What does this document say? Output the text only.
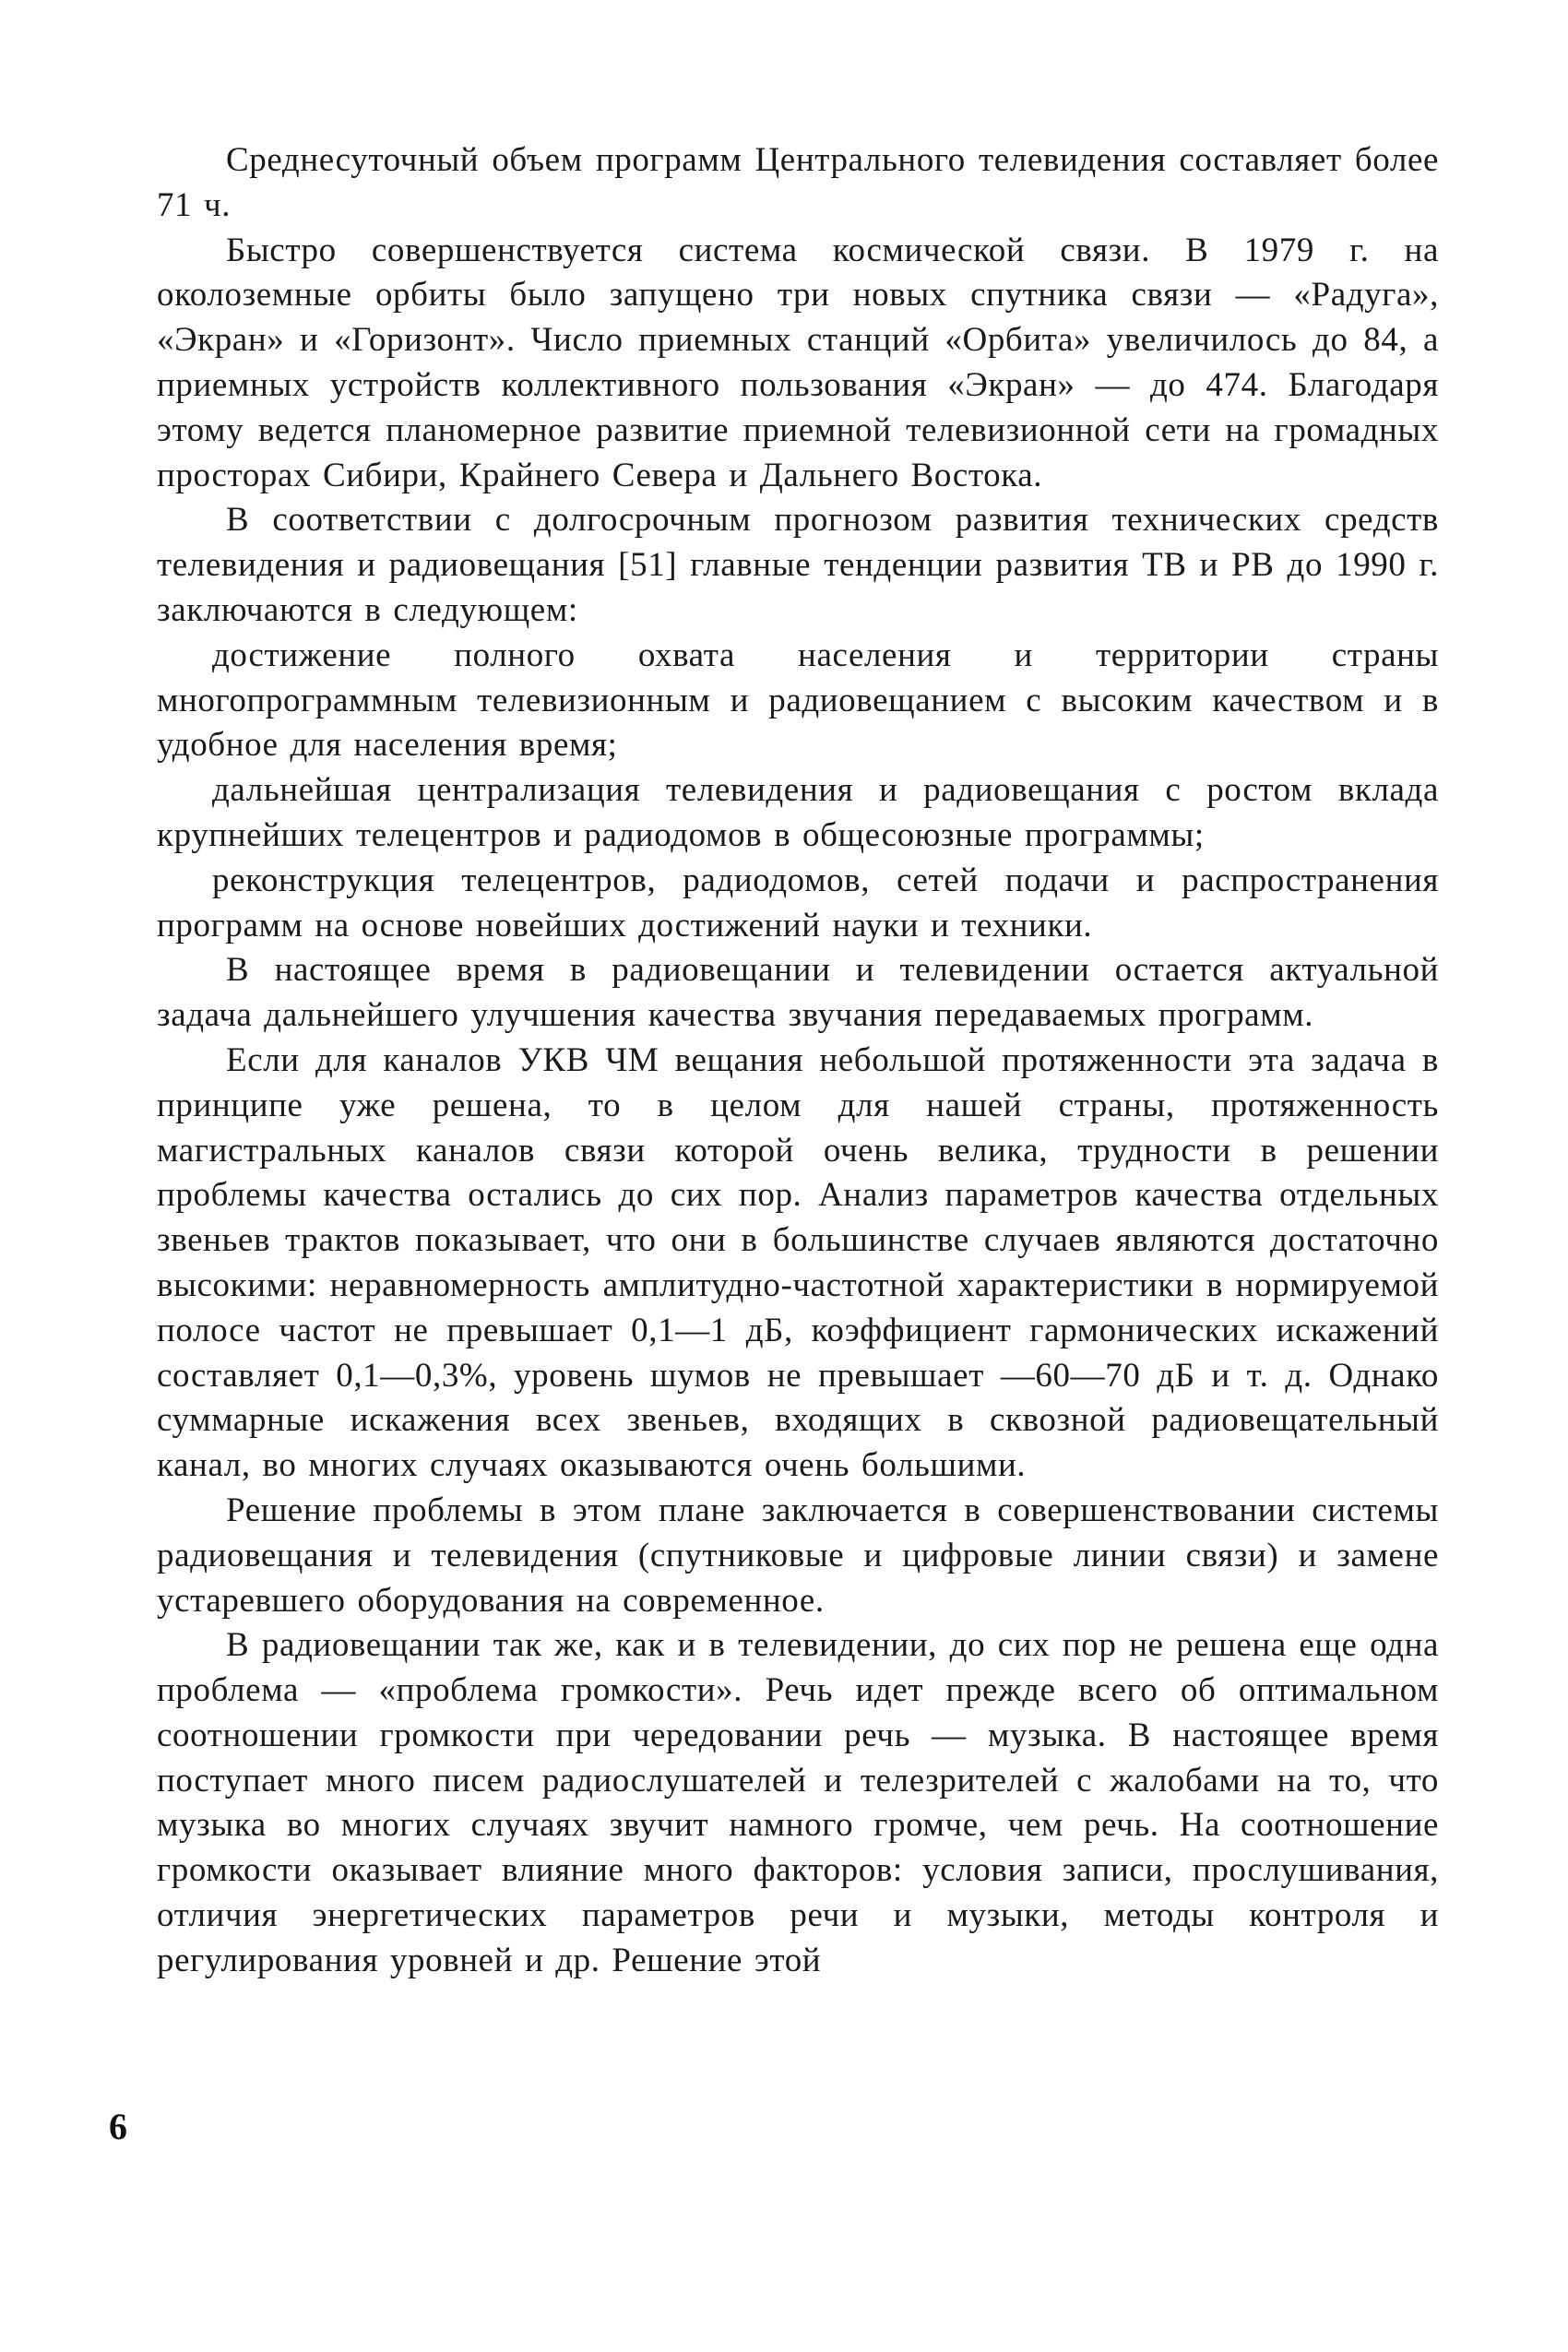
Среднесуточный объем программ Центрального телевидения составляет более 71 ч.

Быстро совершенствуется система космической связи. В 1979 г. на околоземные орбиты было запущено три новых спутника связи — «Радуга», «Экран» и «Горизонт». Число приемных станций «Орбита» увеличилось до 84, а приемных устройств коллективного пользования «Экран» — до 474. Благодаря этому ведется планомерное развитие приемной телевизионной сети на громадных просторах Сибири, Крайнего Севера и Дальнего Востока.

В соответствии с долгосрочным прогнозом развития технических средств телевидения и радиовещания [51] главные тенденции развития ТВ и РВ до 1990 г. заключаются в следующем:

достижение полного охвата населения и территории страны многопрограммным телевизионным и радиовещанием с высоким качеством и в удобное для населения время;

дальнейшая централизация телевидения и радиовещания с ростом вклада крупнейших телецентров и радиодомов в общесоюзные программы;

реконструкция телецентров, радиодомов, сетей подачи и распространения программ на основе новейших достижений науки и техники.

В настоящее время в радиовещании и телевидении остается актуальной задача дальнейшего улучшения качества звучания передаваемых программ.

Если для каналов УКВ ЧМ вещания небольшой протяженности эта задача в принципе уже решена, то в целом для нашей страны, протяженность магистральных каналов связи которой очень велика, трудности в решении проблемы качества остались до сих пор. Анализ параметров качества отдельных звеньев трактов показывает, что они в большинстве случаев являются достаточно высокими: неравномерность амплитудно-частотной характеристики в нормируемой полосе частот не превышает 0,1—1 дБ, коэффициент гармонических искажений составляет 0,1—0,3%, уровень шумов не превышает —60—70 дБ и т. д. Однако суммарные искажения всех звеньев, входящих в сквозной радиовещательный канал, во многих случаях оказываются очень большими.

Решение проблемы в этом плане заключается в совершенствовании системы радиовещания и телевидения (спутниковые и цифровые линии связи) и замене устаревшего оборудования на современное.

В радиовещании так же, как и в телевидении, до сих пор не решена еще одна проблема — «проблема громкости». Речь идет прежде всего об оптимальном соотношении громкости при чередовании речь — музыка. В настоящее время поступает много писем радиослушателей и телезрителей с жалобами на то, что музыка во многих случаях звучит намного громче, чем речь. На соотношение громкости оказывает влияние много факторов: условия записи, прослушивания, отличия энергетических параметров речи и музыки, методы контроля и регулирования уровней и др. Решение этой

6
